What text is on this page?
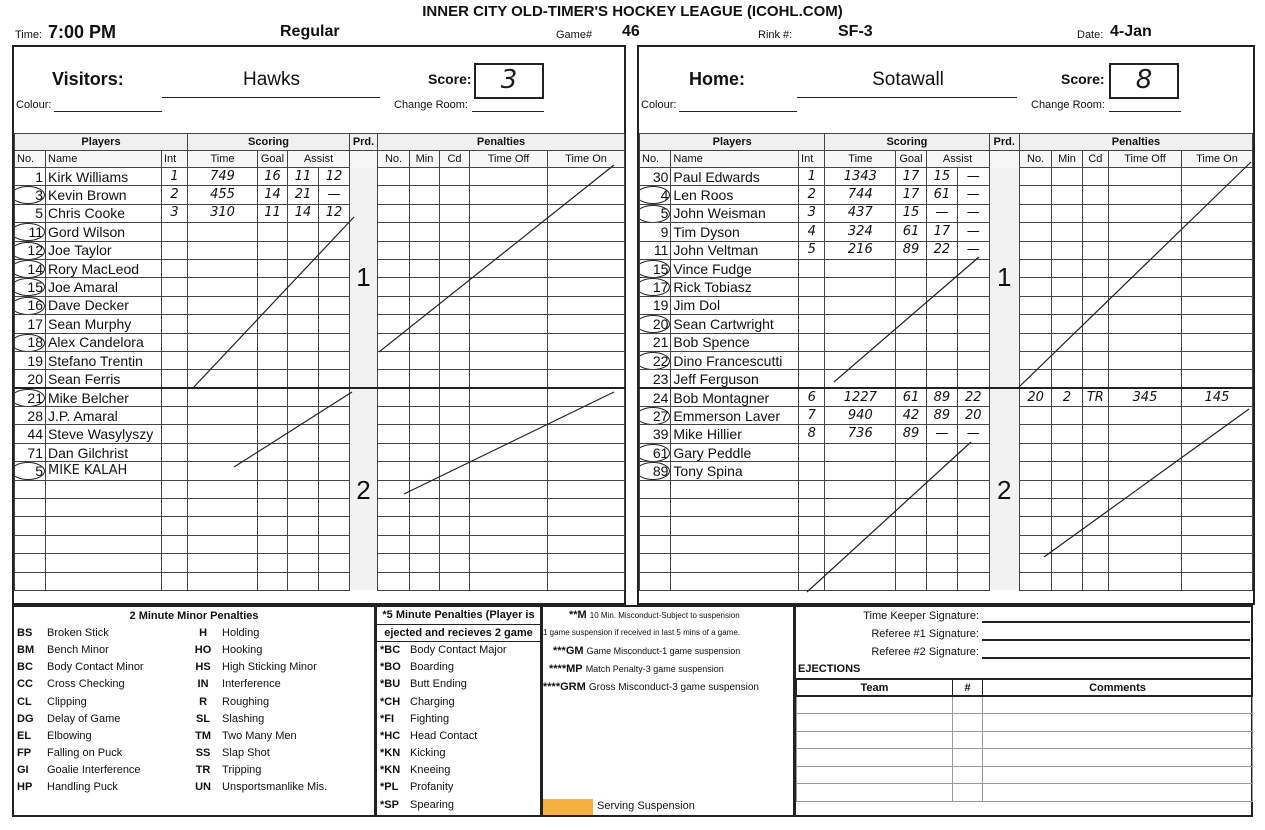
INNER CITY OLD-TIMER'S HOCKEY LEAGUE (ICOHL.COM)
Time: 7:00 PM	Regular	Game# 46	Rink #:	SF-3	Date: 4-Jan
Visitors:	Hawks	Score:	3
Colour:	Change Room:
Players			Scoring				Prd.	Penalties				
No.	Name	Int	Time	Goal	Assist			No.	Min	Cd	Time Off	Time On
1	Kirk Williams	1	749	16	11	12	1					
3	Kevin Brown	2	455	14	21	—						
5	Chris Cooke	3	310	11	14	12						
11	Gord Wilson											
12	Joe Taylor											
14	Rory MacLeod											
15	Joe Amaral											
16	Dave Decker											
17	Sean Murphy											
18	Alex Candelora											
19	Stefano Trentin											
20	Sean Ferris											
21	Mike Belcher						2					
28	J.P. Amaral											
44	Steve Wasylyszy											
71	Dan Gilchrist											
5	MIKE KALAH											

Home:	Sotawall	Score:	8
Colour:	Change Room:
Players			Scoring				Prd.	Penalties				
No.	Name	Int	Time	Goal	Assist			No.	Min	Cd	Time Off	Time On
30	Paul Edwards	1	1343	17	15	—	1					
4	Len Roos	2	744	17	61	—						
5	John Weisman	3	437	15	—	—						
9	Tim Dyson	4	324	61	17	—						
11	John Veltman	5	216	89	22	—						
15	Vince Fudge											
17	Rick Tobiasz											
19	Jim Dol											
20	Sean Cartwright											
21	Bob Spence											
22	Dino Francescutti											
23	Jeff Ferguson											
24	Bob Montagner	6	1227	61	89	22	2	20	2	TR	345	145
27	Emmerson Laver	7	940	42	89	20						
39	Mike Hillier	8	736	89	—	—						
61	Gary Peddle											
89	Tony Spina											

2 Minute Minor Penalties			
BS	Broken Stick	H	Holding
BM	Bench Minor	HO	Hooking
BC	Body Contact Minor	HS	High Sticking Minor
CC	Cross Checking	IN	Interference
CL	Clipping	R	Roughing
DG	Delay of Game	SL	Slashing
EL	Elbowing	TM	Two Many Men
FP	Falling on Puck	SS	Slap Shot
GI	Goalie Interference	TR	Tripping
HP	Handling Puck	UN	Unsportsmanlike Mis.
*5 Minute Penalties (Player is	
ejected and recieves 2 game	
*BC	Body Contact Major
*BO	Boarding
*BU	Butt Ending
*CH	Charging
*FI	Fighting
*HC	Head Contact
*KN	Kicking
*KN	Kneeing
*PL	Profanity
*SP	Spearing
**M 10 Min. Misconduct-Subject to suspension
1 game suspension if received in last 5 mins of a game.
***GM Game Misconduct-1 game suspension
****MP Match Penalty-3 game suspension
****GRM Gross Misconduct-3 game suspension
Serving Suspension
Time Keeper Signature:
Referee #1 Signature:
Referee #2 Signature:
EJECTIONS
Team	#	Comments
